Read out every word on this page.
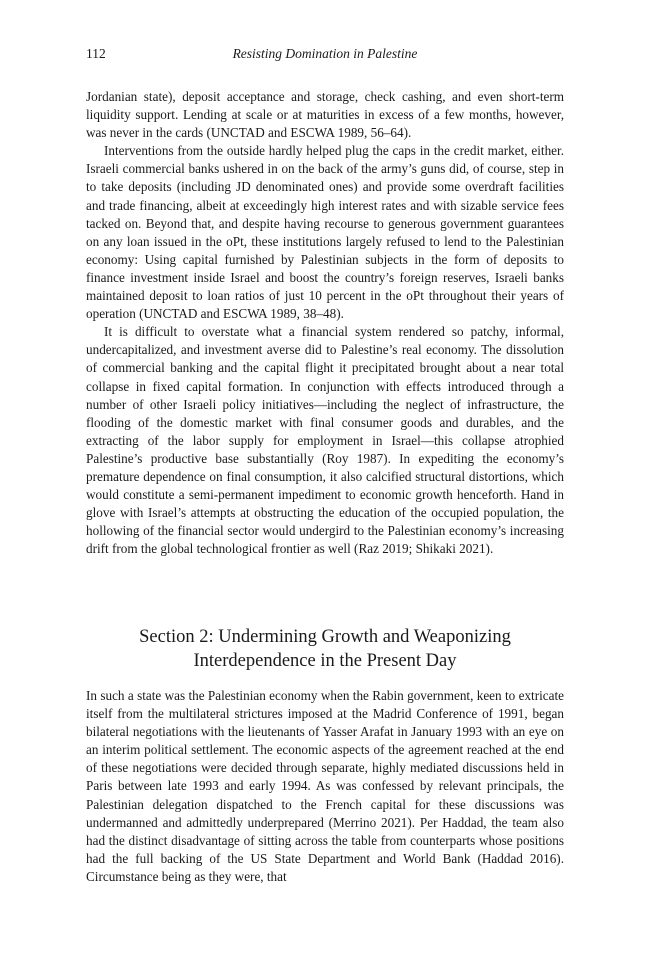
112	Resisting Domination in Palestine

Jordanian state), deposit acceptance and storage, check cashing, and even short-term liquidity support. Lending at scale or at maturities in excess of a few months, however, was never in the cards (UNCTAD and ESCWA 1989, 56–64).

Interventions from the outside hardly helped plug the caps in the credit market, either. Israeli commercial banks ushered in on the back of the army’s guns did, of course, step in to take deposits (including JD denominated ones) and provide some overdraft facilities and trade financing, albeit at exceedingly high interest rates and with sizable service fees tacked on. Beyond that, and despite having recourse to generous government guarantees on any loan issued in the oPt, these institutions largely refused to lend to the Palestinian economy: Using capital furnished by Palestinian subjects in the form of deposits to finance investment inside Israel and boost the country’s foreign reserves, Israeli banks maintained deposit to loan ratios of just 10 percent in the oPt throughout their years of operation (UNCTAD and ESCWA 1989, 38–48).

It is difficult to overstate what a financial system rendered so patchy, informal, undercapitalized, and investment averse did to Palestine’s real economy. The dissolution of commercial banking and the capital flight it precipitated brought about a near total collapse in fixed capital formation. In conjunction with effects introduced through a number of other Israeli policy initiatives—including the neglect of infrastructure, the flooding of the domestic market with final consumer goods and durables, and the extracting of the labor supply for employment in Israel—this collapse atrophied Palestine’s productive base substantially (Roy 1987). In expediting the economy’s premature dependence on final consumption, it also calcified structural distortions, which would constitute a semi-permanent impediment to economic growth henceforth. Hand in glove with Israel’s attempts at obstructing the education of the occupied population, the hollowing of the financial sector would undergird to the Palestinian economy’s increasing drift from the global technological frontier as well (Raz 2019; Shikaki 2021).

Section 2: Undermining Growth and Weaponizing
Interdependence in the Present Day

In such a state was the Palestinian economy when the Rabin government, keen to extricate itself from the multilateral strictures imposed at the Madrid Conference of 1991, began bilateral negotiations with the lieutenants of Yasser Arafat in January 1993 with an eye on an interim political settlement. The economic aspects of the agreement reached at the end of these negotiations were decided through separate, highly mediated discussions held in Paris between late 1993 and early 1994. As was confessed by relevant principals, the Palestinian delegation dispatched to the French capital for these discussions was undermanned and admittedly underprepared (Merrino 2021). Per Haddad, the team also had the distinct disadvantage of sitting across the table from counterparts whose positions had the full backing of the US State Department and World Bank (Haddad 2016). Circumstance being as they were, that
